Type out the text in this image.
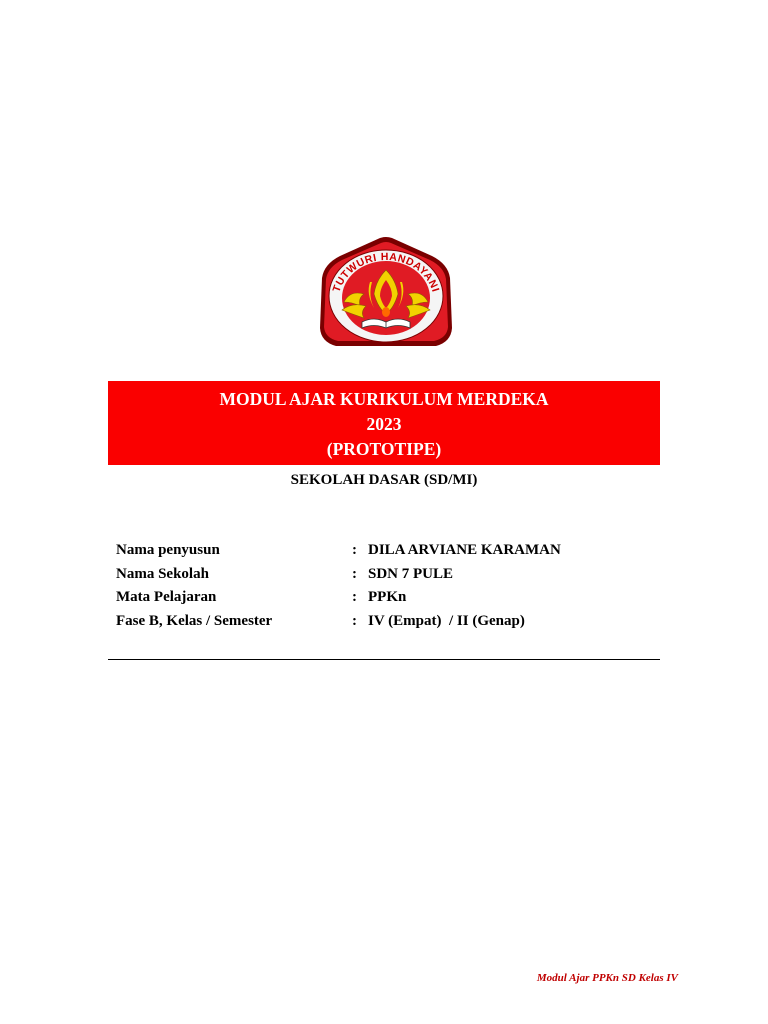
TUTWURI HANDAYANI
MODUL AJAR KURIKULUM MERDEKA
2023
(PROTOTIPE)
SEKOLAH DASAR (SD/MI)
Nama penyusun	: DILA ARVIANE KARAMAN
Nama Sekolah	: SDN 7 PULE
Mata Pelajaran	: PPKn
Fase B, Kelas / Semester	: IV (Empat)  / II (Genap)
Modul Ajar PPKn SD Kelas IV
